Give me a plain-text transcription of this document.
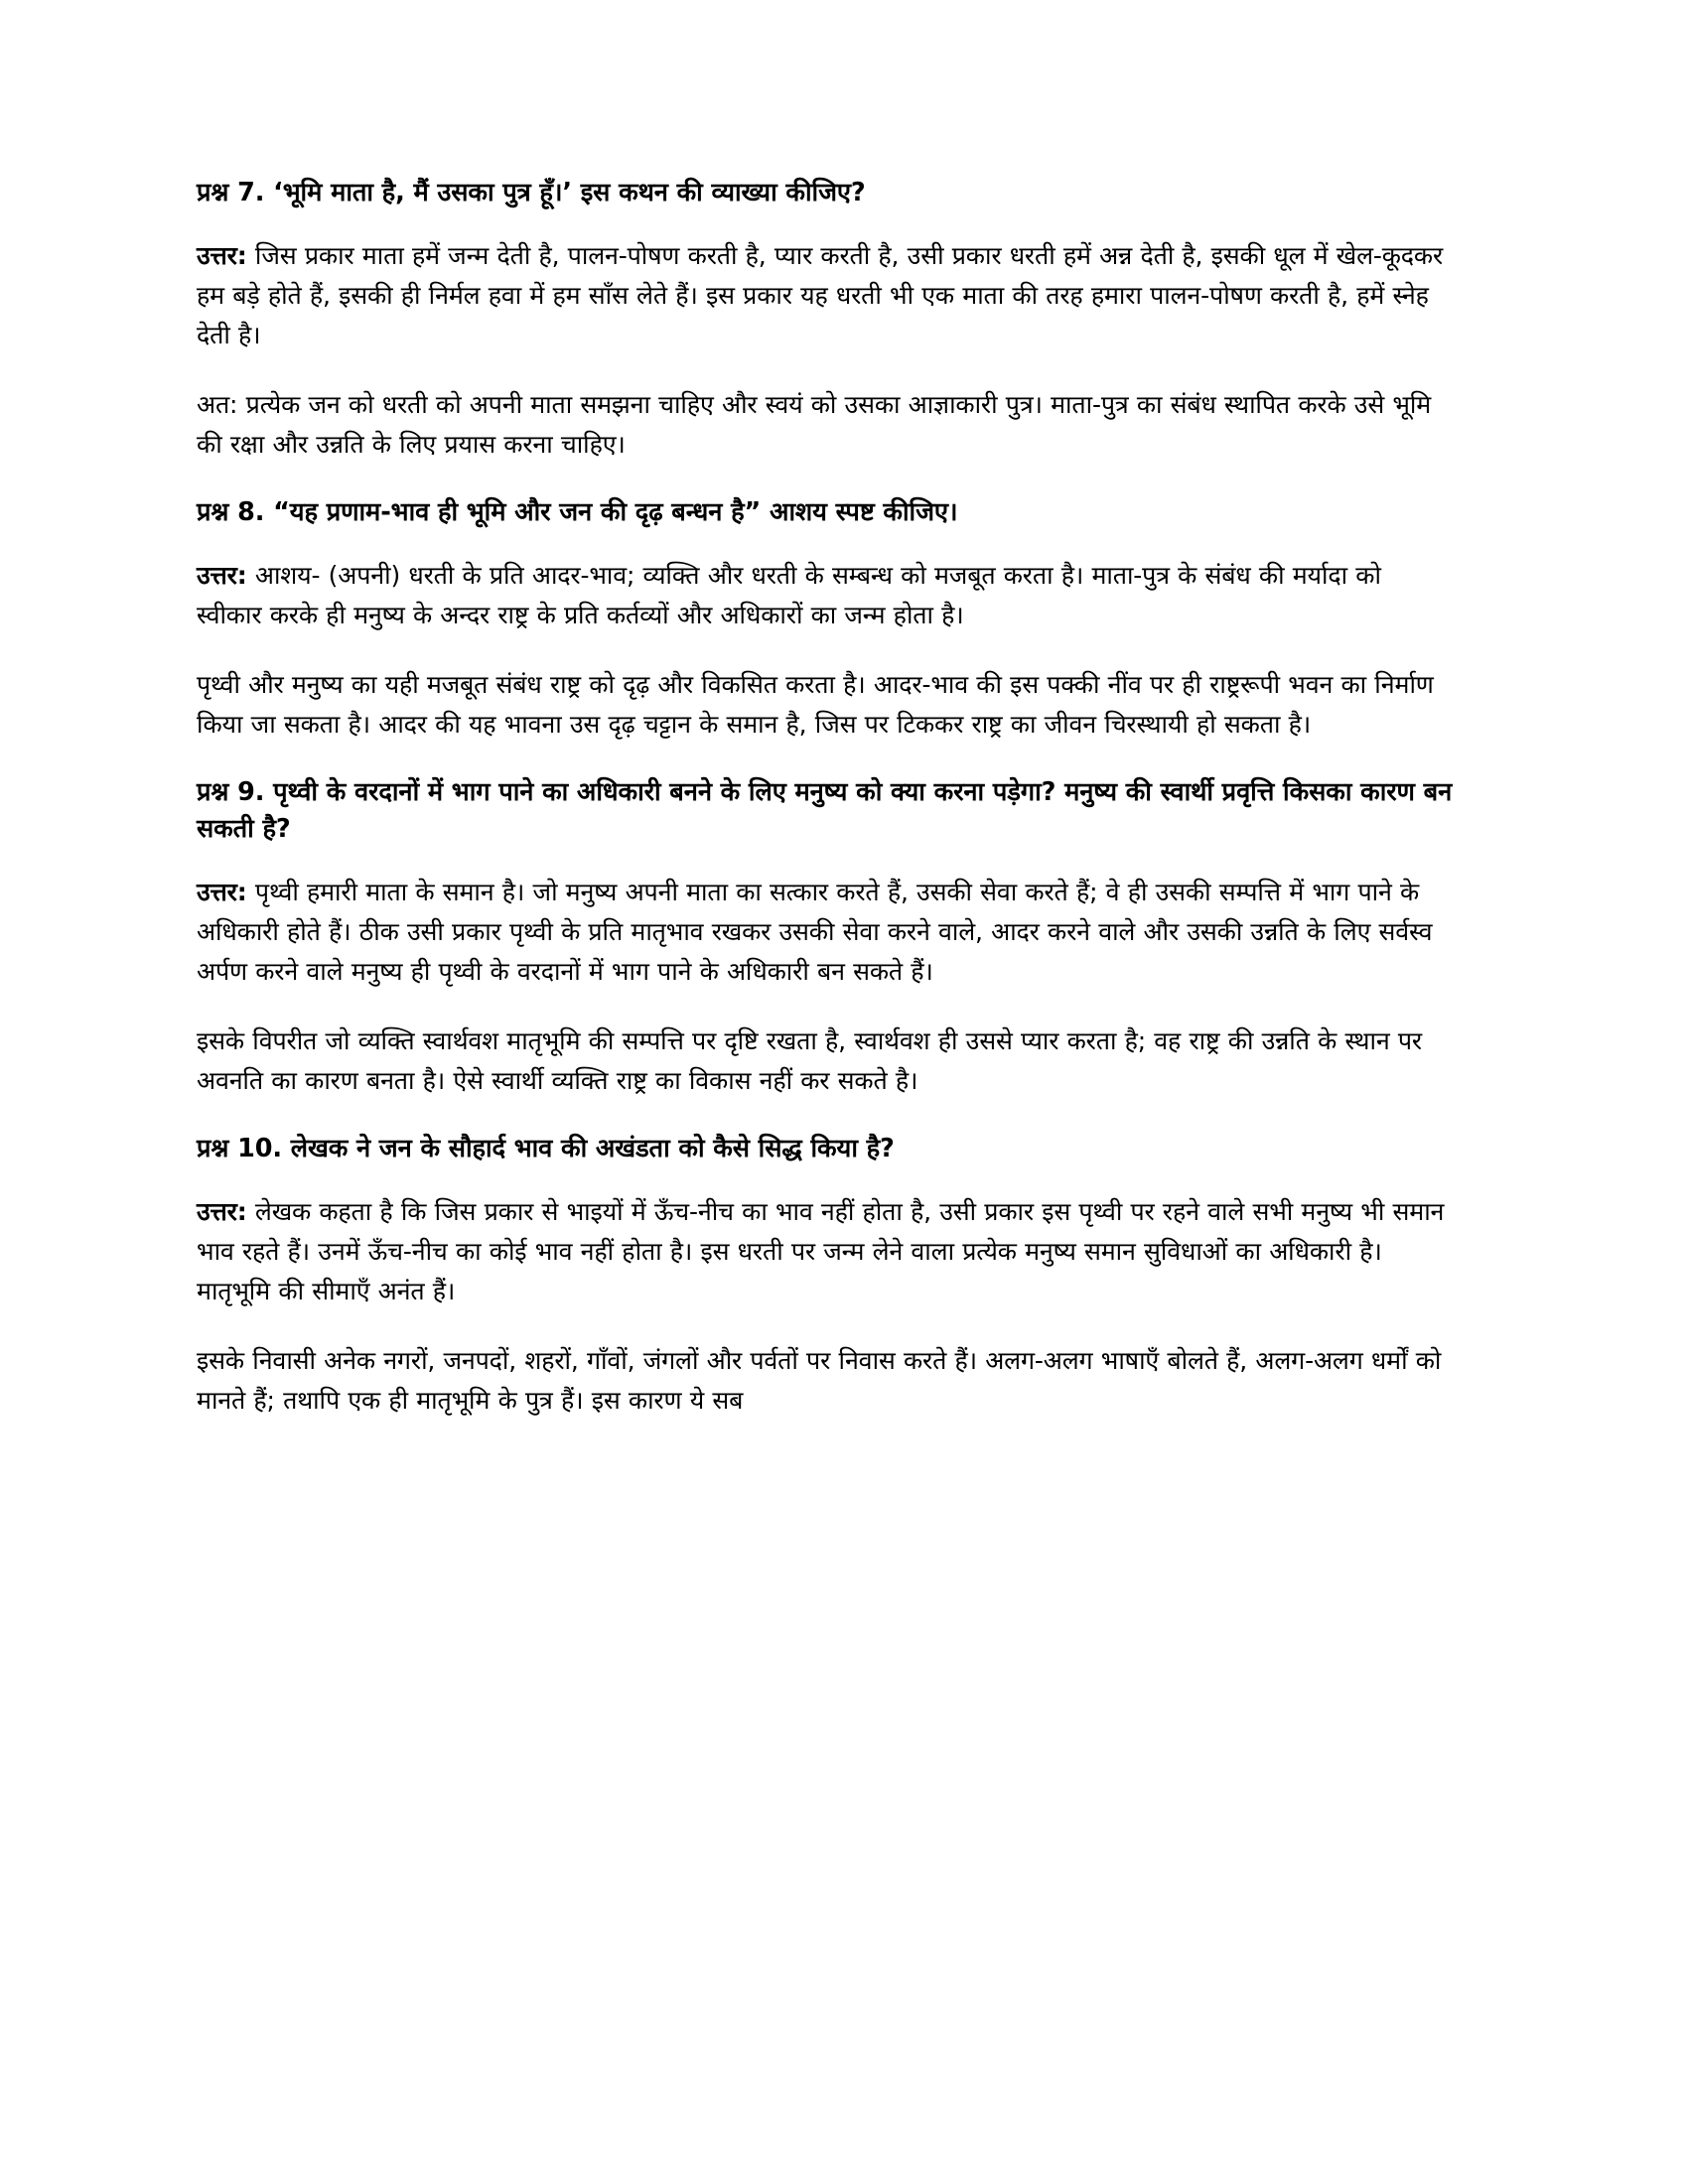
प्रश्न 7. ‘भूमि माता है, मैं उसका पुत्र हूँ।’ इस कथन की व्याख्या कीजिए?

उत्तर: जिस प्रकार माता हमें जन्म देती है, पालन-पोषण करती है, प्यार करती है, उसी प्रकार धरती हमें अन्न देती है, इसकी धूल में खेल-कूदकर हम बड़े होते हैं, इसकी ही निर्मल हवा में हम साँस लेते हैं। इस प्रकार यह धरती भी एक माता की तरह हमारा पालन-पोषण करती है, हमें स्नेह देती है।

अत: प्रत्येक जन को धरती को अपनी माता समझना चाहिए और स्वयं को उसका आज्ञाकारी पुत्र। माता-पुत्र का संबंध स्थापित करके उसे भूमि की रक्षा और उन्नति के लिए प्रयास करना चाहिए।

प्रश्न 8. “यह प्रणाम-भाव ही भूमि और जन की दृढ़ बन्धन है” आशय स्पष्ट कीजिए।

उत्तर: आशय- (अपनी) धरती के प्रति आदर-भाव; व्यक्ति और धरती के सम्बन्ध को मजबूत करता है। माता-पुत्र के संबंध की मर्यादा को स्वीकार करके ही मनुष्य के अन्दर राष्ट्र के प्रति कर्तव्यों और अधिकारों का जन्म होता है।

पृथ्वी और मनुष्य का यही मजबूत संबंध राष्ट्र को दृढ़ और विकसित करता है। आदर-भाव की इस पक्की नींव पर ही राष्ट्ररूपी भवन का निर्माण किया जा सकता है। आदर की यह भावना उस दृढ़ चट्टान के समान है, जिस पर टिककर राष्ट्र का जीवन चिरस्थायी हो सकता है।

प्रश्न 9. पृथ्वी के वरदानों में भाग पाने का अधिकारी बनने के लिए मनुष्य को क्या करना पड़ेगा? मनुष्य की स्वार्थी प्रवृत्ति किसका कारण बन सकती है?

उत्तर: पृथ्वी हमारी माता के समान है। जो मनुष्य अपनी माता का सत्कार करते हैं, उसकी सेवा करते हैं; वे ही उसकी सम्पत्ति में भाग पाने के अधिकारी होते हैं। ठीक उसी प्रकार पृथ्वी के प्रति मातृभाव रखकर उसकी सेवा करने वाले, आदर करने वाले और उसकी उन्नति के लिए सर्वस्व अर्पण करने वाले मनुष्य ही पृथ्वी के वरदानों में भाग पाने के अधिकारी बन सकते हैं।

इसके विपरीत जो व्यक्ति स्वार्थवश मातृभूमि की सम्पत्ति पर दृष्टि रखता है, स्वार्थवश ही उससे प्यार करता है; वह राष्ट्र की उन्नति के स्थान पर अवनति का कारण बनता है। ऐसे स्वार्थी व्यक्ति राष्ट्र का विकास नहीं कर सकते है।

प्रश्न 10. लेखक ने जन के सौहार्द भाव की अखंडता को कैसे सिद्ध किया है?

उत्तर: लेखक कहता है कि जिस प्रकार से भाइयों में ऊँच-नीच का भाव नहीं होता है, उसी प्रकार इस पृथ्वी पर रहने वाले सभी मनुष्य भी समान भाव रहते हैं। उनमें ऊँच-नीच का कोई भाव नहीं होता है। इस धरती पर जन्म लेने वाला प्रत्येक मनुष्य समान सुविधाओं का अधिकारी है। मातृभूमि की सीमाएँ अनंत हैं।

इसके निवासी अनेक नगरों, जनपदों, शहरों, गाँवों, जंगलों और पर्वतों पर निवास करते हैं। अलग-अलग भाषाएँ बोलते हैं, अलग-अलग धर्मों को मानते हैं; तथापि एक ही मातृभूमि के पुत्र हैं। इस कारण ये सब
